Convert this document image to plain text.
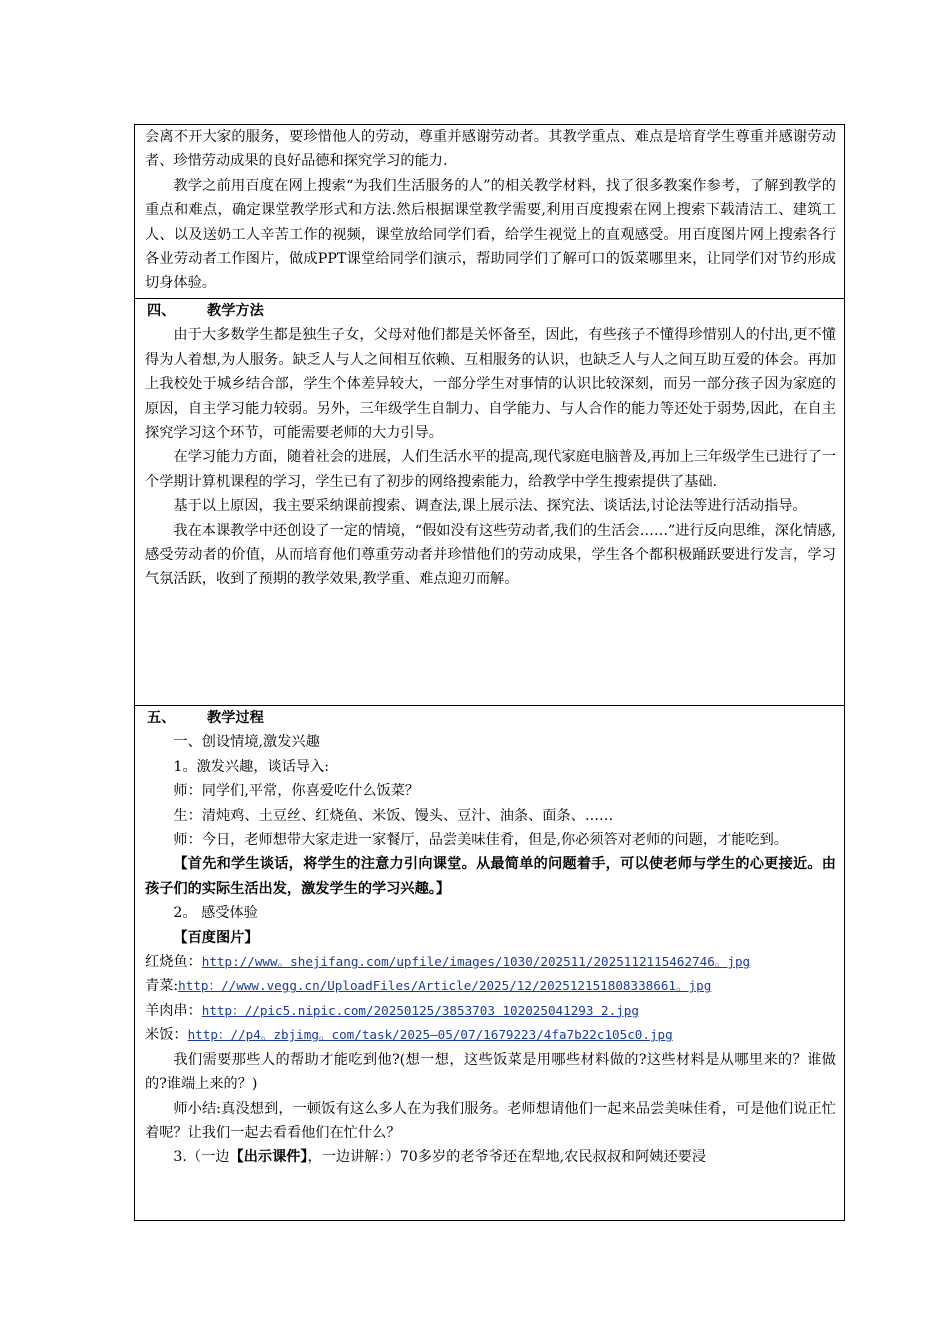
会离不开大家的服务，要珍惜他人的劳动，尊重并感谢劳动者。其教学重点、难点是培育学生尊重并感谢劳动者、珍惜劳动成果的良好品德和探究学习的能力.

教学之前用百度在网上搜索“为我们生活服务的人”的相关教学材料，找了很多教案作参考，了解到教学的重点和难点，确定课堂教学形式和方法.然后根据课堂教学需要,利用百度搜索在网上搜索下载清洁工、建筑工人、以及送奶工人辛苦工作的视频，课堂放给同学们看，给学生视觉上的直观感受。用百度图片网上搜索各行各业劳动者工作图片，做成PPT课堂给同学们演示，帮助同学们了解可口的饭菜哪里来，让同学们对节约形成切身体验。

四、 教学方法

由于大多数学生都是独生子女，父母对他们都是关怀备至，因此，有些孩子不懂得珍惜别人的付出,更不懂得为人着想,为人服务。缺乏人与人之间相互依赖、互相服务的认识，也缺乏人与人之间互助互爱的体会。再加上我校处于城乡结合部，学生个体差异较大，一部分学生对事情的认识比较深刻，而另一部分孩子因为家庭的原因，自主学习能力较弱。另外，三年级学生自制力、自学能力、与人合作的能力等还处于弱势,因此，在自主探究学习这个环节，可能需要老师的大力引导。

在学习能力方面，随着社会的进展，人们生活水平的提高,现代家庭电脑普及,再加上三年级学生已进行了一个学期计算机课程的学习，学生已有了初步的网络搜索能力，给教学中学生搜索提供了基础.

基于以上原因，我主要采纳课前搜索、调查法,课上展示法、探究法、谈话法,讨论法等进行活动指导。

我在本课教学中还创设了一定的情境，“假如没有这些劳动者,我们的生活会……”进行反向思维，深化情感,感受劳动者的价值，从而培育他们尊重劳动者并珍惜他们的劳动成果，学生各个都积极踊跃要进行发言，学习气氛活跃，收到了预期的教学效果,教学重、难点迎刃而解。

五、 教学过程

一、创设情境,激发兴趣

1。激发兴趣，谈话导入:

师：同学们,平常，你喜爱吃什么饭菜？

生：清炖鸡、土豆丝、红烧鱼、米饭、馒头、豆汁、油条、面条、……

师：今日，老师想带大家走进一家餐厅，品尝美味佳肴，但是,你必须答对老师的问题，才能吃到。

【首先和学生谈话，将学生的注意力引向课堂。从最简单的问题着手，可以使老师与学生的心更接近。由孩子们的实际生活出发，激发学生的学习兴趣。】

2。 感受体验

【百度图片】

红烧鱼：http://www。shejifang.com/upfile/images/1030/202511/2025112115462746。jpg

青菜:http：//www.vegg.cn/UploadFiles/Article/2025/12/202512151808338661。jpg

羊肉串：http：//pic5.nipic.com/20250125/3853703 102025041293 2.jpg

米饭：http：//p4。zbjimg。com/task/2025—05/07/1679223/4fa7b22c105c0.jpg

我们需要那些人的帮助才能吃到他?(想一想，这些饭菜是用哪些材料做的?这些材料是从哪里来的？谁做的?谁端上来的？)

师小结:真没想到，一顿饭有这么多人在为我们服务。老师想请他们一起来品尝美味佳肴，可是他们说正忙着呢？让我们一起去看看他们在忙什么？

3.（一边【出示课件】，一边讲解：）70多岁的老爷爷还在犁地,农民叔叔和阿姨还要浸
